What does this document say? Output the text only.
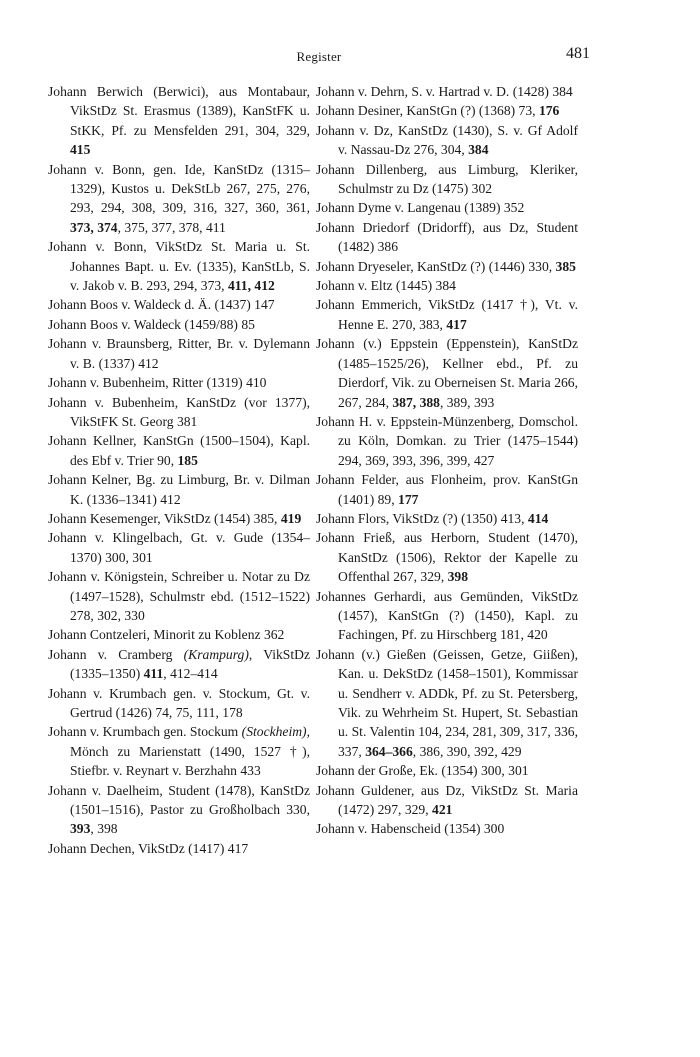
Register	481

Johann Berwich (Berwici), aus Montabaur, VikStDz St. Erasmus (1389), KanStFK u. StKK, Pf. zu Mensfelden 291, 304, 329, 415

Johann v. Bonn, gen. Ide, KanStDz (1315–1329), Kustos u. DekStLb 267, 275, 276, 293, 294, 308, 309, 316, 327, 360, 361, 373, 374, 375, 377, 378, 411

Johann v. Bonn, VikStDz St. Maria u. St. Johannes Bapt. u. Ev. (1335), KanStLb, S. v. Jakob v. B. 293, 294, 373, 411, 412

Johann Boos v. Waldeck d. Ä. (1437) 147

Johann Boos v. Waldeck (1459/88) 85

Johann v. Braunsberg, Ritter, Br. v. Dylemann v. B. (1337) 412

Johann v. Bubenheim, Ritter (1319) 410

Johann v. Bubenheim, KanStDz (vor 1377), VikStFK St. Georg 381

Johann Kellner, KanStGn (1500–1504), Kapl. des Ebf v. Trier 90, 185

Johann Kelner, Bg. zu Limburg, Br. v. Dilman K. (1336–1341) 412

Johann Kesemenger, VikStDz (1454) 385, 419

Johann v. Klingelbach, Gt. v. Gude (1354–1370) 300, 301

Johann v. Königstein, Schreiber u. Notar zu Dz (1497–1528), Schulmstr ebd. (1512–1522) 278, 302, 330

Johann Contzeleri, Minorit zu Koblenz 362

Johann v. Cramberg (Krampurg), VikStDz (1335–1350) 411, 412–414

Johann v. Krumbach gen. v. Stockum, Gt. v. Gertrud (1426) 74, 75, 111, 178

Johann v. Krumbach gen. Stockum (Stockheim), Mönch zu Marienstatt (1490, 1527 †), Stiefbr. v. Reynart v. Berzhahn 433

Johann v. Daelheim, Student (1478), KanStDz (1501–1516), Pastor zu Großholbach 330, 393, 398

Johann Dechen, VikStDz (1417) 417

Johann v. Dehrn, S. v. Hartrad v. D. (1428) 384

Johann Desiner, KanStGn (?) (1368) 73, 176

Johann v. Dz, KanStDz (1430), S. v. Gf Adolf v. Nassau-Dz 276, 304, 384

Johann Dillenberg, aus Limburg, Kleriker, Schulmstr zu Dz (1475) 302

Johann Dyme v. Langenau (1389) 352

Johann Driedorf (Dridorff), aus Dz, Student (1482) 386

Johann Dryeseler, KanStDz (?) (1446) 330, 385

Johann v. Eltz (1445) 384

Johann Emmerich, VikStDz (1417 †), Vt. v. Henne E. 270, 383, 417

Johann (v.) Eppstein (Eppenstein), KanStDz (1485–1525/26), Kellner ebd., Pf. zu Dierdorf, Vik. zu Oberneisen St. Maria 266, 267, 284, 387, 388, 389, 393

Johann H. v. Eppstein-Münzenberg, Domschol. zu Köln, Domkan. zu Trier (1475–1544) 294, 369, 393, 396, 399, 427

Johann Felder, aus Flonheim, prov. KanStGn (1401) 89, 177

Johann Flors, VikStDz (?) (1350) 413, 414

Johann Frieß, aus Herborn, Student (1470), KanStDz (1506), Rektor der Kapelle zu Offenthal 267, 329, 398

Johannes Gerhardi, aus Gemünden, VikStDz (1457), KanStGn (?) (1450), Kapl. zu Fachingen, Pf. zu Hirschberg 181, 420

Johann (v.) Gießen (Geissen, Getze, Giißen), Kan. u. DekStDz (1458–1501), Kommissar u. Sendherr v. ADDk, Pf. zu St. Petersberg, Vik. zu Wehrheim St. Hupert, St. Sebastian u. St. Valentin 104, 234, 281, 309, 317, 336, 337, 364–366, 386, 390, 392, 429

Johann der Große, Ek. (1354) 300, 301

Johann Guldener, aus Dz, VikStDz St. Maria (1472) 297, 329, 421

Johann v. Habenscheid (1354) 300
